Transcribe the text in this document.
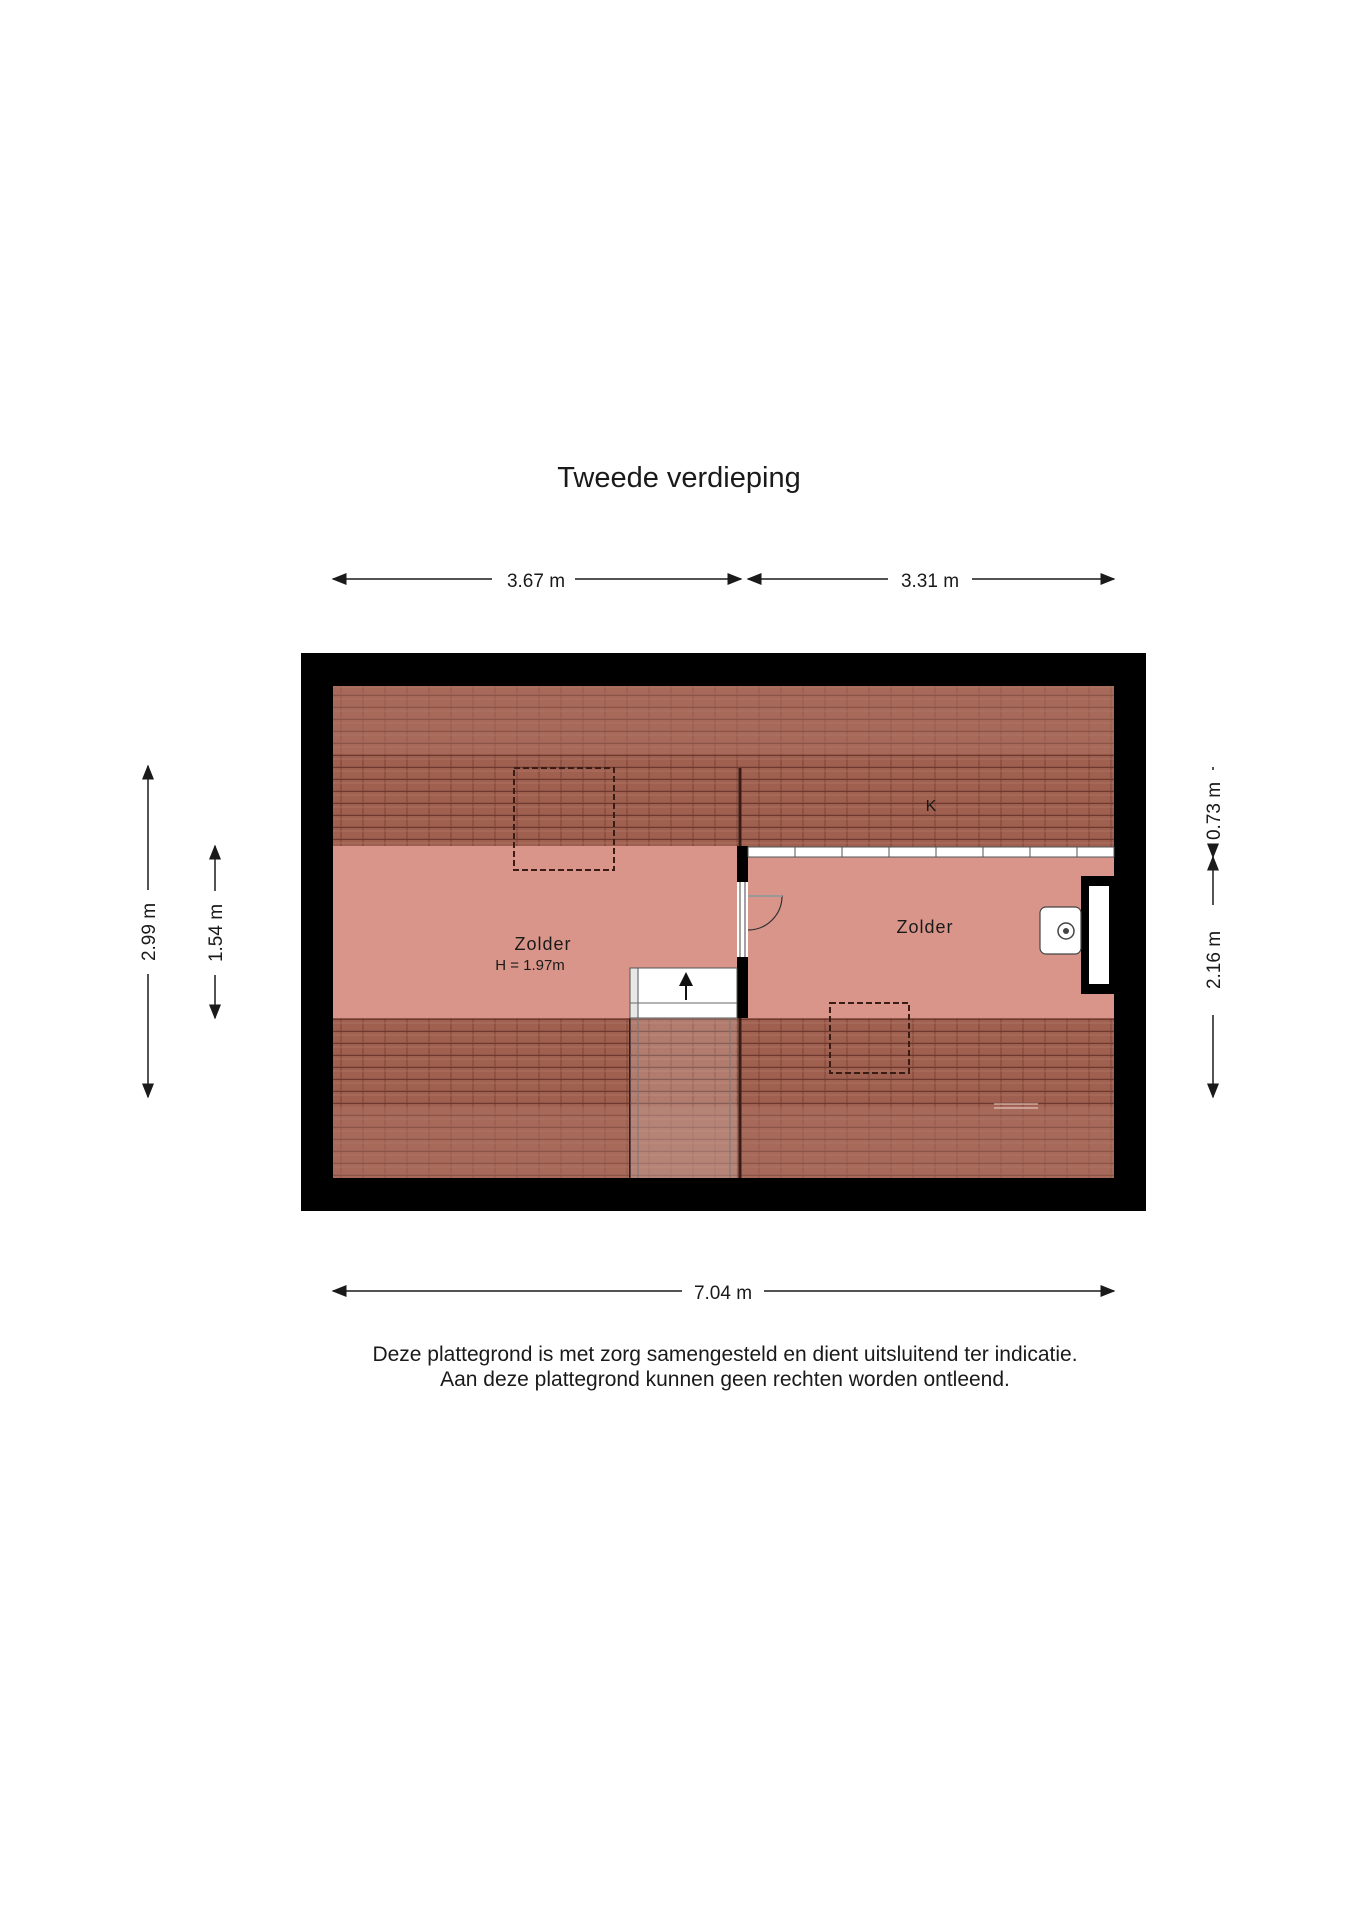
Tweede verdieping
Zolder
H = 1.97m
Zolder
K
3.67 m	3.31 m
7.04 m
2.99 m 1.54 m
0.73 m
2.16 m
Deze plattegrond is met zorg samengesteld en dient uitsluitend ter indicatie.
Aan deze plattegrond kunnen geen rechten worden ontleend.
